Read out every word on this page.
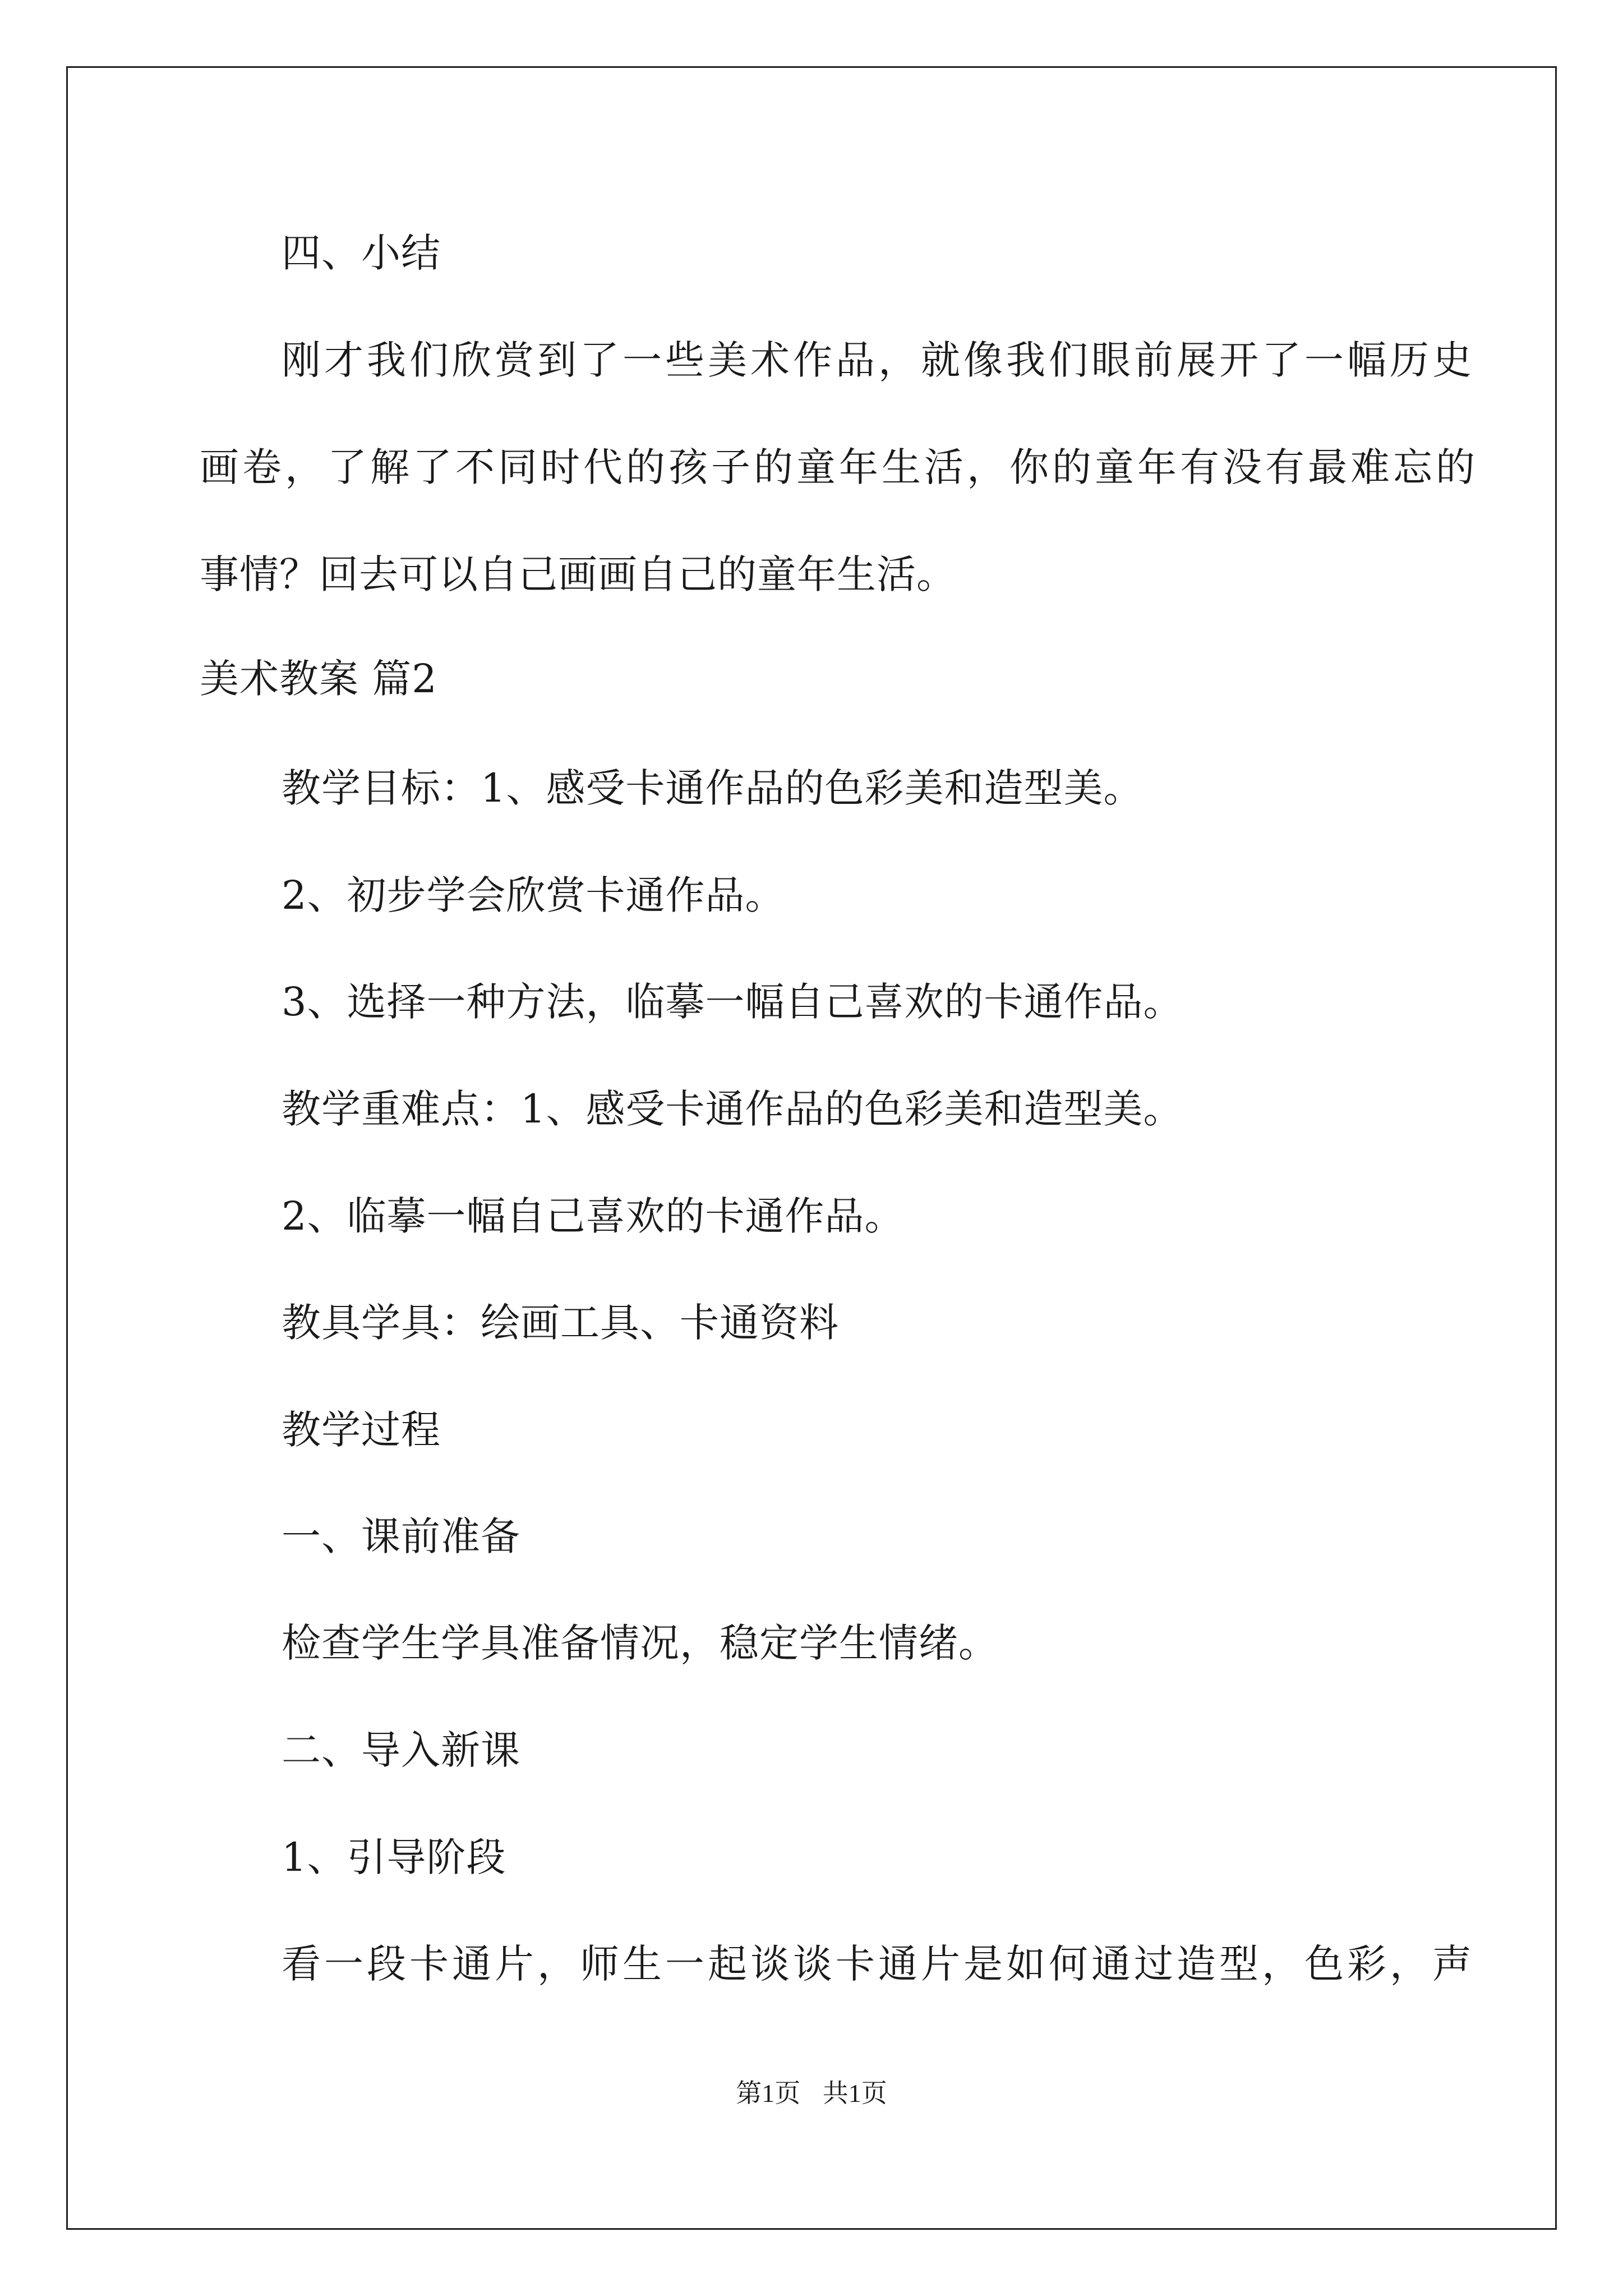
四、小结
刚才我们欣赏到了一些美术作品，就像我们眼前展开了一幅历史
画卷，了解了不同时代的孩子的童年生活，你的童年有没有最难忘的
事情？回去可以自己画画自己的童年生活。
美术教案 篇2
教学目标：1、感受卡通作品的色彩美和造型美。
2、初步学会欣赏卡通作品。
3、选择一种方法，临摹一幅自己喜欢的卡通作品。
教学重难点：1、感受卡通作品的色彩美和造型美。
2、临摹一幅自己喜欢的卡通作品。
教具学具：绘画工具、卡通资料
教学过程
一、课前准备
检查学生学具准备情况，稳定学生情绪。
二、导入新课
1、引导阶段
看一段卡通片，师生一起谈谈卡通片是如何通过造型，色彩，声
第1页 共1页
